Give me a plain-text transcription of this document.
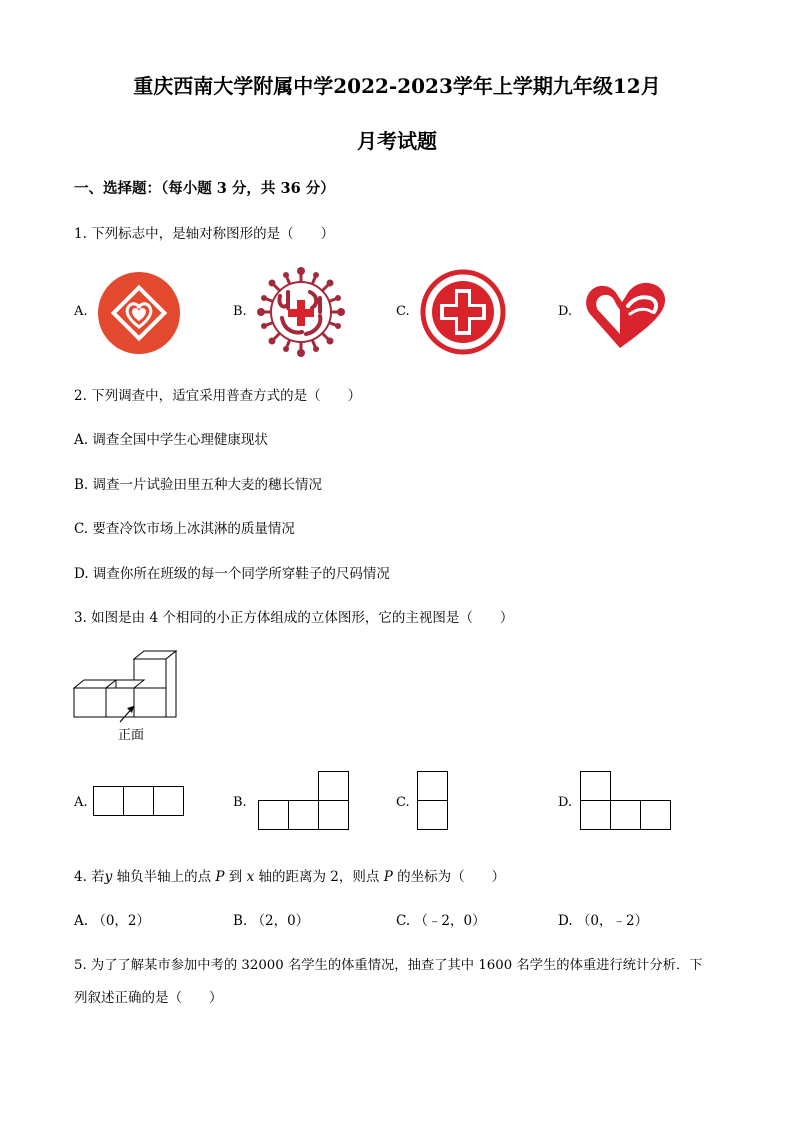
重庆西南大学附属中学2022-2023学年上学期九年级12月
月考试题
一、选择题：（每小题 3 分，共 36 分）
1. 下列标志中，是轴对称图形的是（　　）
A.	B.	C.	D.
2. 下列调查中，适宜采用普查方式的是（　　）
A. 调查全国中学生心理健康现状
B. 调查一片试验田里五种大麦的穗长情况
C. 要查冷饮市场上冰淇淋的质量情况
D. 调查你所在班级的每一个同学所穿鞋子的尺码情况
3. 如图是由 4 个相同的小正方体组成的立体图形，它的主视图是（　　）
正面
A.	B.	C.	D.
4. 若y 轴负半轴上的点 P 到 x 轴的距离为 2，则点 P 的坐标为（　　）
A. （0，2）	B. （2，0）	C. （﹣2，0）	D. （0，﹣2）
5. 为了了解某市参加中考的 32000 名学生的体重情况，抽查了其中 1600 名学生的体重进行统计分析．下
列叙述正确的是（　　）
